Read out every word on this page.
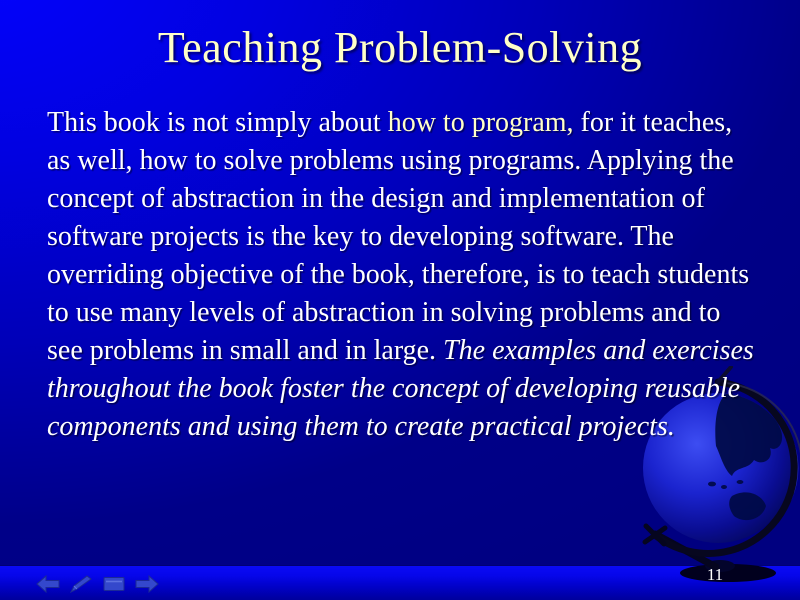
Teaching Problem-Solving
This book is not simply about how to program, for it teaches, as well, how to solve problems using programs. Applying the concept of abstraction in the design and implementation of software projects is the key to developing software. The overriding objective of the book, therefore, is to teach students to use many levels of abstraction in solving problems and to see problems in small and in large. The examples and exercises throughout the book foster the concept of developing reusable components and using them to create practical projects.
11
